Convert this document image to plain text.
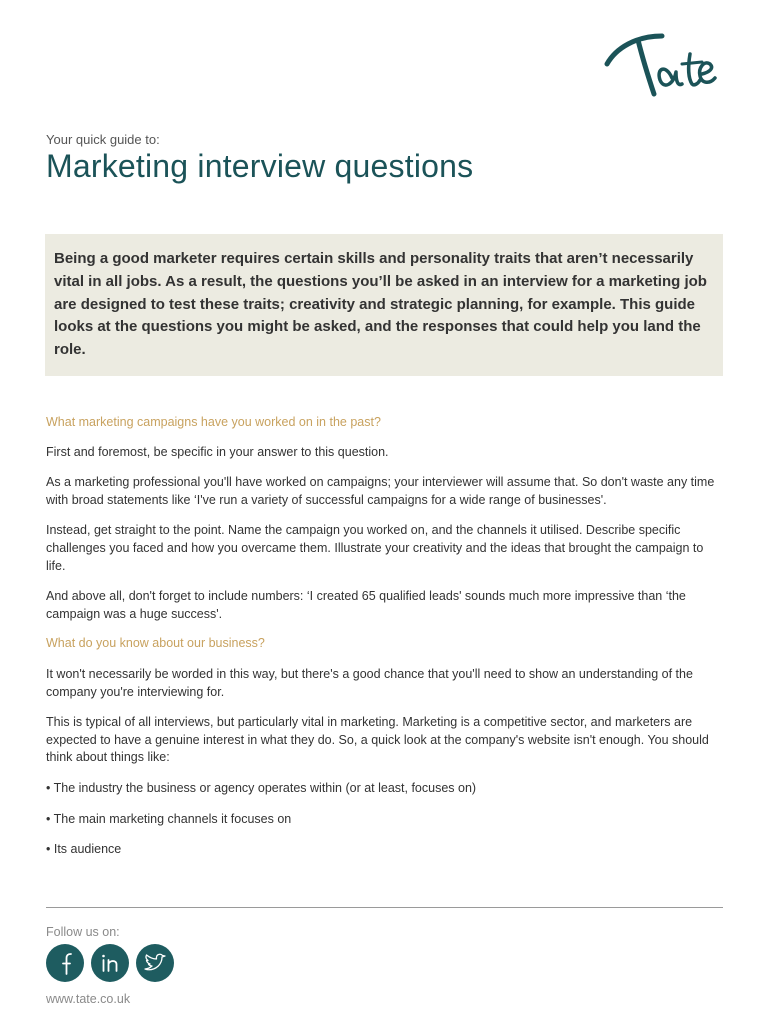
Your quick guide to:
Marketing interview questions

Being a good marketer requires certain skills and personality traits that aren’t necessarily vital in all jobs. As a result, the questions you’ll be asked in an interview for a marketing job are designed to test these traits; creativity and strategic planning, for example. This guide looks at the questions you might be asked, and the responses that could help you land the role.

What marketing campaigns have you worked on in the past?

First and foremost, be specific in your answer to this question.

As a marketing professional you'll have worked on campaigns; your interviewer will assume that. So don't waste any time with broad statements like ‘I've run a variety of successful campaigns for a wide range of businesses'.

Instead, get straight to the point. Name the campaign you worked on, and the channels it utilised. Describe specific challenges you faced and how you overcame them. Illustrate your creativity and the ideas that brought the campaign to life.

And above all, don't forget to include numbers: ‘I created 65 qualified leads' sounds much more impressive than ‘the campaign was a huge success'.

What do you know about our business?

It won't necessarily be worded in this way, but there's a good chance that you'll need to show an understanding of the company you're interviewing for.

This is typical of all interviews, but particularly vital in marketing. Marketing is a competitive sector, and marketers are expected to have a genuine interest in what they do. So, a quick look at the company's website isn't enough. You should think about things like:

• The industry the business or agency operates within (or at least, focuses on)

• The main marketing channels it focuses on

• Its audience

Follow us on:
www.tate.co.uk
